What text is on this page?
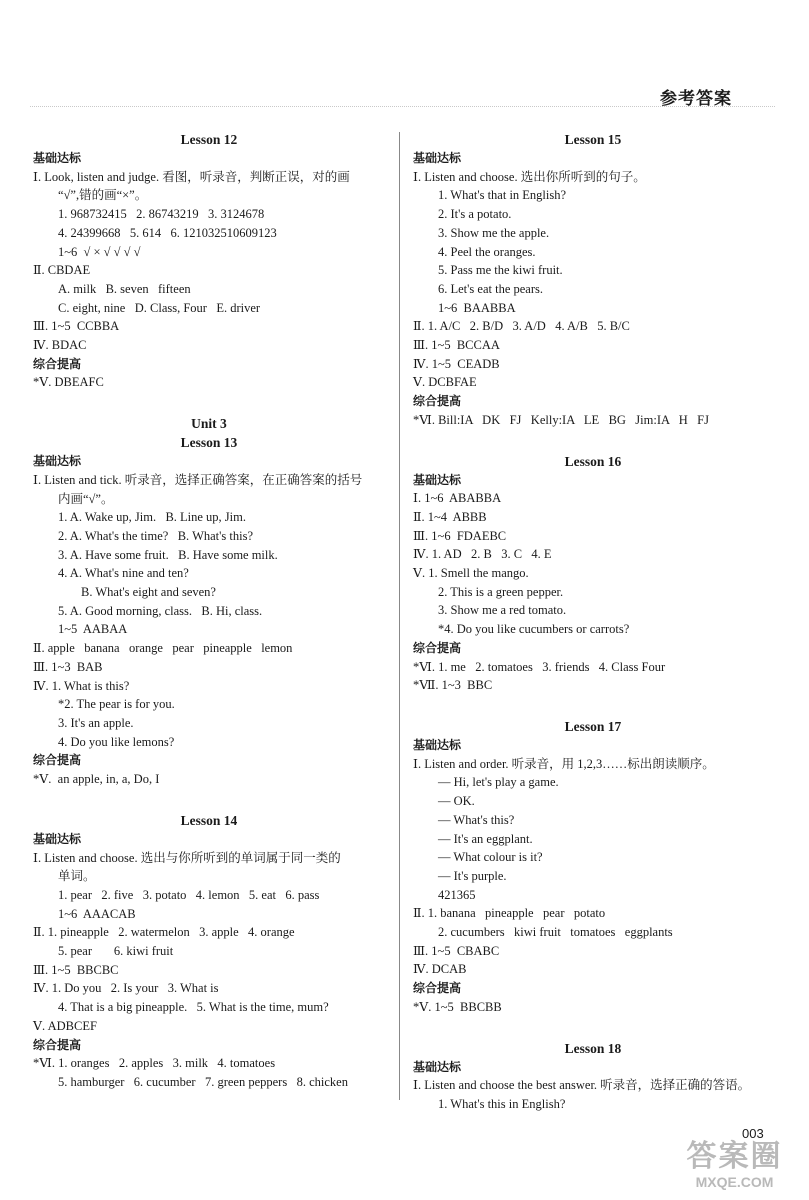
参考答案
Lesson 12
基础达标
Ⅰ. Look, listen and judge. 看图，听录音，判断正误，对的画
“√”,错的画“×”。
1. 968732415   2. 86743219   3. 3124678
4. 24399668   5. 614   6. 121032510609123
1~6  √ × √ √ √ √
Ⅱ. CBDAE
A. milk   B. seven   fifteen
C. eight, nine   D. Class, Four   E. driver
Ⅲ. 1~5  CCBBA
Ⅳ. BDAC
综合提高
*Ⅴ. DBEAFC
Unit 3
Lesson 13
基础达标
Ⅰ. Listen and tick. 听录音，选择正确答案，在正确答案的括号
内画“√”。
1. A. Wake up, Jim.   B. Line up, Jim.
2. A. What's the time?   B. What's this?
3. A. Have some fruit.   B. Have some milk.
4. A. What's nine and ten?
B. What's eight and seven?
5. A. Good morning, class.   B. Hi, class.
1~5  AABAA
Ⅱ. apple   banana   orange   pear   pineapple   lemon
Ⅲ. 1~3  BAB
Ⅳ. 1. What is this?
*2. The pear is for you.
3. It's an apple.
4. Do you like lemons?
综合提高
*Ⅴ.  an apple, in, a, Do, I
Lesson 14
基础达标
Ⅰ. Listen and choose. 选出与你所听到的单词属于同一类的
单词。
1. pear   2. five   3. potato   4. lemon   5. eat   6. pass
1~6  AAACAB
Ⅱ. 1. pineapple   2. watermelon   3. apple   4. orange
5. pear       6. kiwi fruit
Ⅲ. 1~5  BBCBC
Ⅳ. 1. Do you   2. Is your   3. What is
4. That is a big pineapple.   5. What is the time, mum?
Ⅴ. ADBCEF
综合提高
*Ⅵ. 1. oranges   2. apples   3. milk   4. tomatoes
5. hamburger   6. cucumber   7. green peppers   8. chicken
Lesson 15
基础达标
Ⅰ. Listen and choose. 选出你所听到的句子。
1. What's that in English?
2. It's a potato.
3. Show me the apple.
4. Peel the oranges.
5. Pass me the kiwi fruit.
6. Let's eat the pears.
1~6  BAABBA
Ⅱ. 1. A/C   2. B/D   3. A/D   4. A/B   5. B/C
Ⅲ. 1~5  BCCAA
Ⅳ. 1~5  CEADB
Ⅴ. DCBFAE
综合提高
*Ⅵ. Bill:IA   DK   FJ   Kelly:IA   LE   BG   Jim:IA   H   FJ
Lesson 16
基础达标
Ⅰ. 1~6  ABABBA
Ⅱ. 1~4  ABBB
Ⅲ. 1~6  FDAEBC
Ⅳ. 1. AD   2. B   3. C   4. E
Ⅴ. 1. Smell the mango.
2. This is a green pepper.
3. Show me a red tomato.
*4. Do you like cucumbers or carrots?
综合提高
*Ⅵ. 1. me   2. tomatoes   3. friends   4. Class Four
*Ⅶ. 1~3  BBC
Lesson 17
基础达标
Ⅰ. Listen and order. 听录音，用 1,2,3……标出朗读顺序。
— Hi, let's play a game.
— OK.
— What's this?
— It's an eggplant.
— What colour is it?
— It's purple.
421365
Ⅱ. 1. banana   pineapple   pear   potato
2. cucumbers   kiwi fruit   tomatoes   eggplants
Ⅲ. 1~5  CBABC
Ⅳ. DCAB
综合提高
*Ⅴ. 1~5  BBCBB
Lesson 18
基础达标
Ⅰ. Listen and choose the best answer. 听录音，选择正确的答语。
1. What's this in English?
003
答案圈
MXQE.COM
